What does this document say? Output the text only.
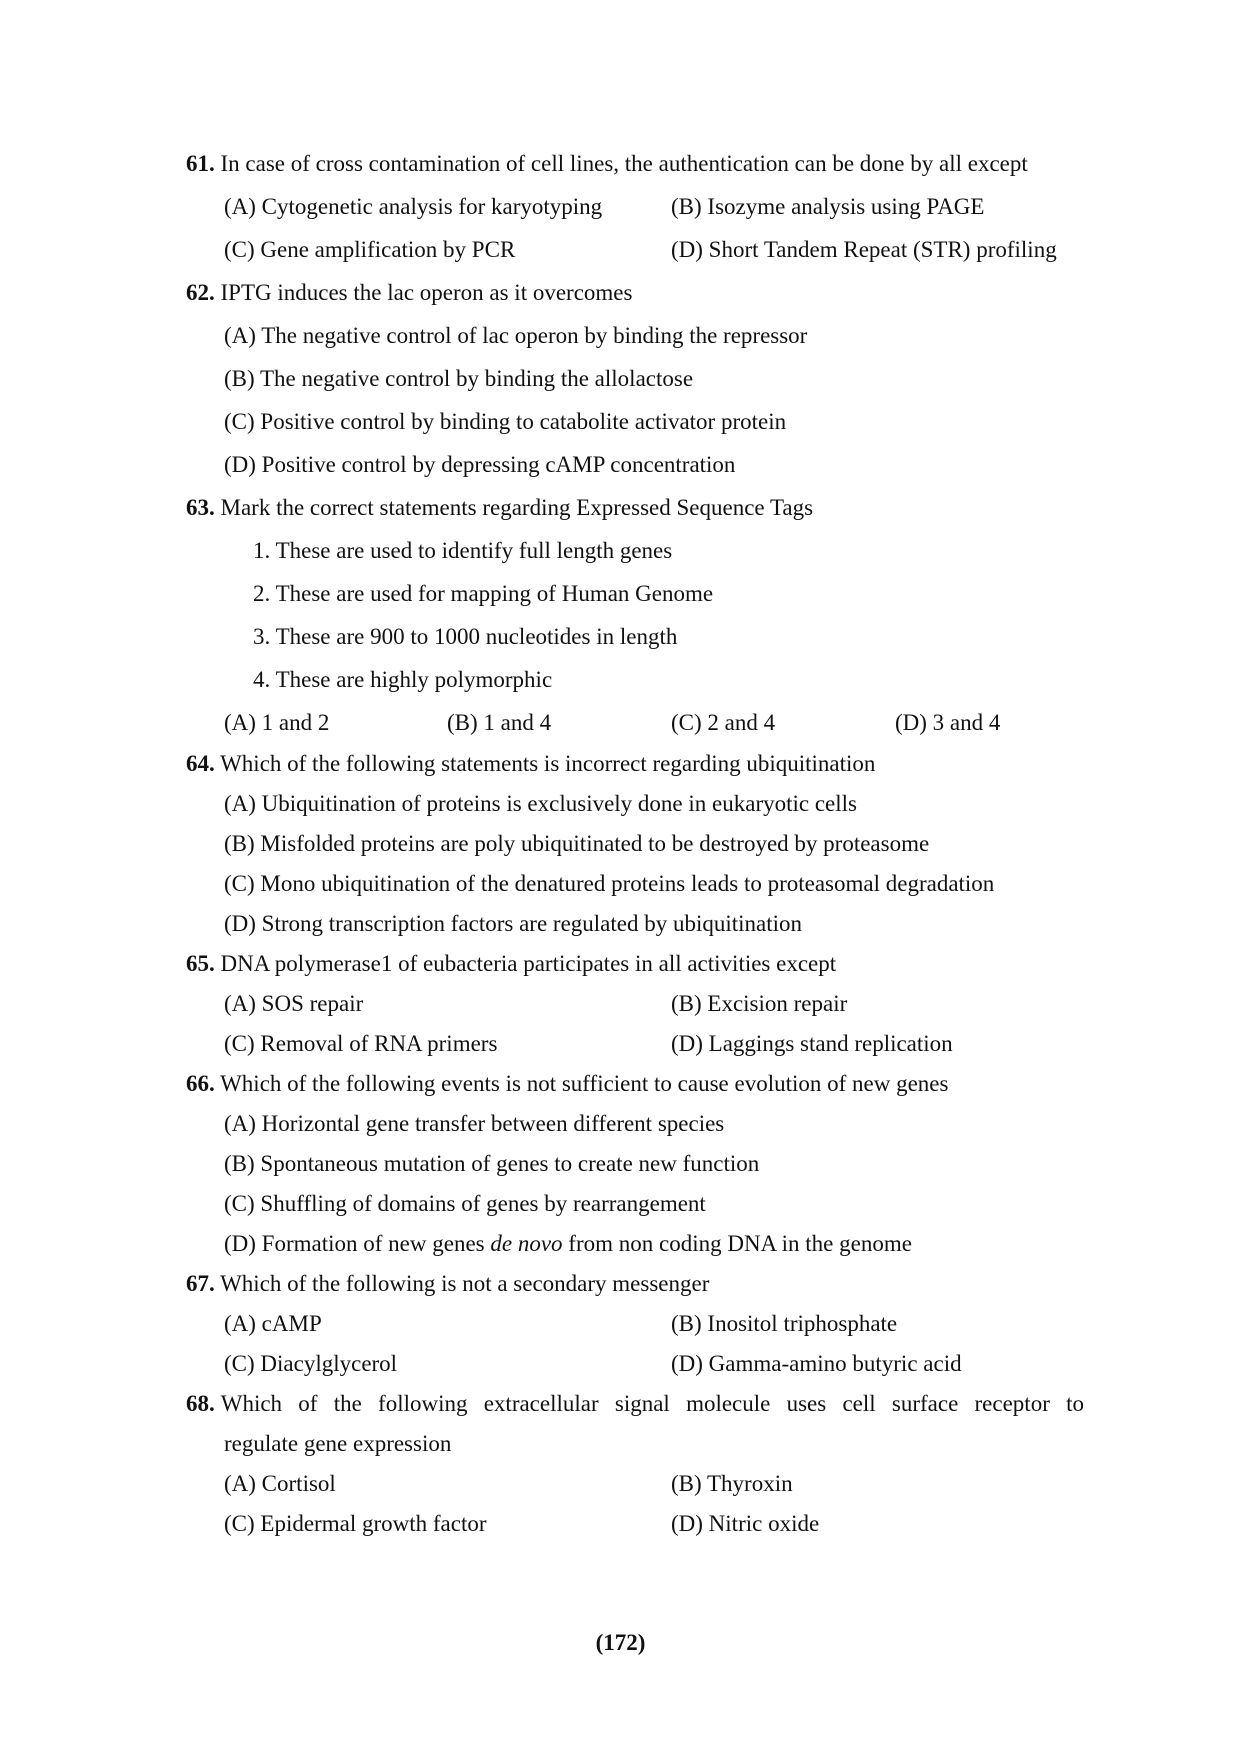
61. In case of cross contamination of cell lines, the authentication can be done by all except
(A) Cytogenetic analysis for karyotyping	(B) Isozyme analysis using PAGE
(C) Gene amplification by PCR	(D) Short Tandem Repeat (STR) profiling
62. IPTG induces the lac operon as it overcomes
(A) The negative control of lac operon by binding the repressor
(B) The negative control by binding the allolactose
(C) Positive control by binding to catabolite activator protein
(D) Positive control by depressing cAMP concentration
63. Mark the correct statements regarding Expressed Sequence Tags
1. These are used to identify full length genes
2. These are used for mapping of Human Genome
3. These are 900 to 1000 nucleotides in length
4. These are highly polymorphic
(A) 1 and 2	(B) 1 and 4	(C) 2 and 4	(D) 3 and 4
64. Which of the following statements is incorrect regarding ubiquitination
(A) Ubiquitination of proteins is exclusively done in eukaryotic cells
(B) Misfolded proteins are poly ubiquitinated to be destroyed by proteasome
(C) Mono ubiquitination of the denatured proteins leads to proteasomal degradation
(D) Strong transcription factors are regulated by ubiquitination
65. DNA polymerase1 of eubacteria participates in all activities except
(A) SOS repair	(B) Excision repair
(C) Removal of RNA primers	(D) Laggings stand replication
66. Which of the following events is not sufficient to cause evolution of new genes
(A) Horizontal gene transfer between different species
(B) Spontaneous mutation of genes to create new function
(C) Shuffling of domains of genes by rearrangement
(D) Formation of new genes de novo from non coding DNA in the genome
67. Which of the following is not a secondary messenger
(A) cAMP	(B) Inositol triphosphate
(C) Diacylglycerol	(D) Gamma-amino butyric acid
68. Which of the following extracellular signal molecule uses cell surface receptor to
regulate gene expression
(A) Cortisol	(B) Thyroxin
(C) Epidermal growth factor	(D) Nitric oxide
(172)
